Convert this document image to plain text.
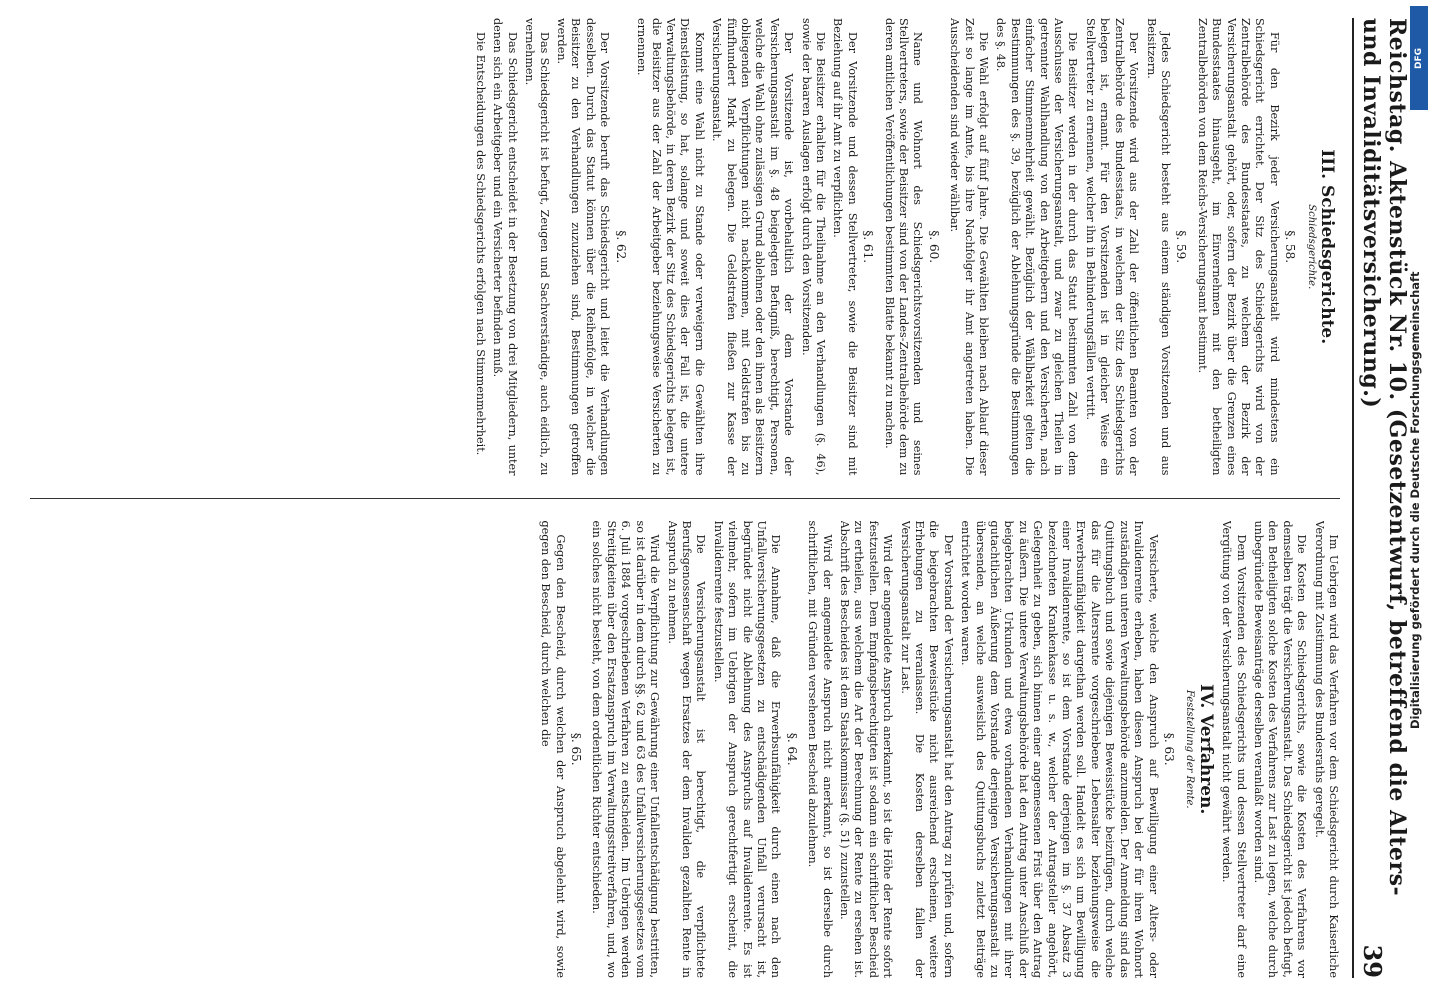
Reichstag. Aktenstück Nr. 10. (Gesetzentwurf, betreffend die Alters- und Invaliditätsversicherung.)
39
III. Schiedsgerichte.
Schiedsgerichte.
§. 58.

Für den Bezirk jeder Versicherungsanstalt wird mindestens ein Schiedsgericht errichtet. Der Sitz des Schiedsgerichts wird von der Zentralbehörde des Bundesstaates, zu welchem der Bezirk der Versicherungsanstalt gehört, oder, sofern der Bezirk über die Grenzen eines Bundesstaates hinausgeht, im Einvernehmen mit den betheiligten Zentralbehörden von dem Reichs-Versicherungsamt bestimmt.

§. 59.

Jedes Schiedsgericht besteht aus einem ständigen Vorsitzenden und aus Beisitzern.

Der Vorsitzende wird aus der Zahl der öffentlichen Beamten von der Zentralbehörde des Bundesstaats, in welchem der Sitz des Schiedsgerichts belegen ist, ernannt. Für den Vorsitzenden ist in gleicher Weise ein Stellvertreter zu ernennen, welcher ihn in Behinderungsfällen vertritt.

Die Beisitzer werden in der durch das Statut bestimmten Zahl von dem Ausschusse der Versicherungsanstalt, und zwar zu gleichen Theilen in getrennter Wahlhandlung von den Arbeitgebern und den Versicherten, nach einfacher Stimmenmehrheit gewählt. Bezüglich der Wählbarkeit gelten die Bestimmungen des §. 39, bezüglich der Ablehnungsgründe die Bestimmungen des §. 48.

Die Wahl erfolgt auf fünf Jahre. Die Gewählten bleiben nach Ablauf dieser Zeit so lange im Amte, bis ihre Nachfolger ihr Amt angetreten haben. Die Ausscheidenden sind wieder wählbar.

§. 60.

Name und Wohnort des Schiedsgerichtsvorsitzenden und seines Stellvertreters, sowie der Beisitzer sind von der Landes-Zentralbehörde dem zu deren amtlichen Veröffentlichungen bestimmten Blatte bekannt zu machen.

§. 61.

Der Vorsitzende und dessen Stellvertreter, sowie die Beisitzer sind mit Beziehung auf ihr Amt zu verpflichten.

Die Beisitzer erhalten für die Theilnahme an den Verhandlungen (§. 46), sowie der baaren Auslagen erfolgt durch den Vorsitzenden.

Der Vorsitzende ist, vorbehaltlich der dem Vorstande der Versicherungsanstalt im §. 48 beigelegten Befugniß, berechtigt, Personen, welche die Wahl ohne zulässigen Grund ablehnen oder den ihnen als Beisitzern obliegenden Verpflichtungen nicht nachkommen, mit Geldstrafen bis zu fünfhundert Mark zu belegen. Die Geldstrafen fließen zur Kasse der Versicherungsanstalt.

Kommt eine Wahl nicht zu Stande oder verweigern die Gewählten ihre Dienstleistung, so hat, solange und soweit dies der Fall ist, die untere Verwaltungsbehörde, in deren Bezirk der Sitz des Schiedsgerichts belegen ist, die Beisitzer aus der Zahl der Arbeitgeber beziehungsweise Versicherten zu ernennen.

§. 62.

Der Vorsitzende beruft das Schiedsgericht und leitet die Verhandlungen desselben. Durch das Statut können über die Reihenfolge, in welcher die Beisitzer zu den Verhandlungen zuzuziehen sind, Bestimmungen getroffen werden.

Das Schiedsgericht ist befugt, Zeugen und Sachverständige, auch eidlich, zu vernehmen.

Das Schiedsgericht entscheidet in der Besetzung von drei Mitgliedern, unter denen sich ein Arbeitgeber und ein Versicherter befinden muß.

Die Entscheidungen des Schiedsgerichts erfolgen nach Stimmenmehrheit.

Im Uebrigen wird das Verfahren vor dem Schiedsgericht durch Kaiserliche Verordnung mit Zustimmung des Bundesraths geregelt.

Die Kosten des Schiedsgerichts, sowie die Kosten des Verfahrens vor demselben trägt die Versicherungsanstalt. Das Schiedsgericht ist jedoch befugt, den Betheiligten solche Kosten des Verfahrens zur Last zu legen, welche durch unbegründete Beweisanträge derselben veranlaßt worden sind.

Dem Vorsitzenden des Schiedsgerichts und dessen Stellvertreter darf eine Vergütung von der Versicherungsanstalt nicht gewährt werden.

IV. Verfahren.
Feststellung der Rente.
§. 63.

Versicherte, welche den Anspruch auf Bewilligung einer Alters- oder Invalidenrente erheben, haben diesen Anspruch bei der für ihren Wohnort zuständigen unteren Verwaltungsbehörde anzumelden. Der Anmeldung sind das Quittungsbuch und sowie diejenigen Beweisstücke beizufügen, durch welche das für die Altersrente vorgeschriebene Lebensalter beziehungsweise die Erwerbsunfähigkeit dargethan werden soll. Handelt es sich um Bewilligung einer Invalidenrente, so ist dem Vorstande derjenigen im §. 37 Absatz 3 bezeichneten Krankenkasse u. s. w., welcher der Antragsteller angehört, Gelegenheit zu geben, sich binnen einer angemessenen Frist über den Antrag zu äußern. Die untere Verwaltungsbehörde hat den Antrag unter Anschluß der beigebrachten Urkunden und etwa vorhandenen Verhandlungen mit ihrer gutachtlichen Äußerung dem Vorstande derjenigen Versicherungsanstalt zu übersenden, an welche ausweislich des Quittungsbuchs zuletzt Beiträge entrichtet worden waren.

Der Vorstand der Versicherungsanstalt hat den Antrag zu prüfen und, sofern die beigebrachten Beweisstücke nicht ausreichend erscheinen, weitere Erhebungen zu veranlassen. Die Kosten derselben fallen der Versicherungsanstalt zur Last.

Wird der angemeldete Anspruch anerkannt, so ist die Höhe der Rente sofort festzustellen. Dem Empfangsberechtigten ist sodann ein schriftlicher Bescheid zu ertheilen, aus welchem die Art der Berechnung der Rente zu ersehen ist. Abschrift des Bescheides ist dem Staatskommissar (§. 51) zuzustellen.

Wird der angemeldete Anspruch nicht anerkannt, so ist derselbe durch schriftlichen, mit Gründen versehenen Bescheid abzulehnen.

§. 64.

Die Annahme, daß die Erwerbsunfähigkeit durch einen nach den Unfallversicherungsgesetzen zu entschädigenden Unfall verursacht ist, begründet nicht die Ablehnung des Anspruchs auf Invalidenrente. Es ist vielmehr, sofern im Uebrigen der Anspruch gerechtfertigt erscheint, die Invalidenrente festzustellen.

Die Versicherungsanstalt ist berechtigt, die verpflichtete Berufsgenossenschaft wegen Ersatzes der dem Invaliden gezahlten Rente in Anspruch zu nehmen.

Wird die Verpflichtung zur Gewährung einer Unfallentschädigung bestritten, so ist darüber in dem durch §§. 62 und 63 des Unfallversicherungsgesetzes vom 6. Juli 1884 vorgeschriebenen Verfahren zu entscheiden. Im Uebrigen werden Streitigkeiten über den Ersatzanspruch im Verwaltungsstreitverfahren, und, wo ein solches nicht besteht, von dem ordentlichen Richter entschieden.

§. 65.

Gegen den Bescheid, durch welchen der Anspruch abgelehnt wird, sowie gegen den Bescheid, durch welchen die

DFG
Digitalisierung gefördert durch die Deutsche Forschungsgemeinschaft
